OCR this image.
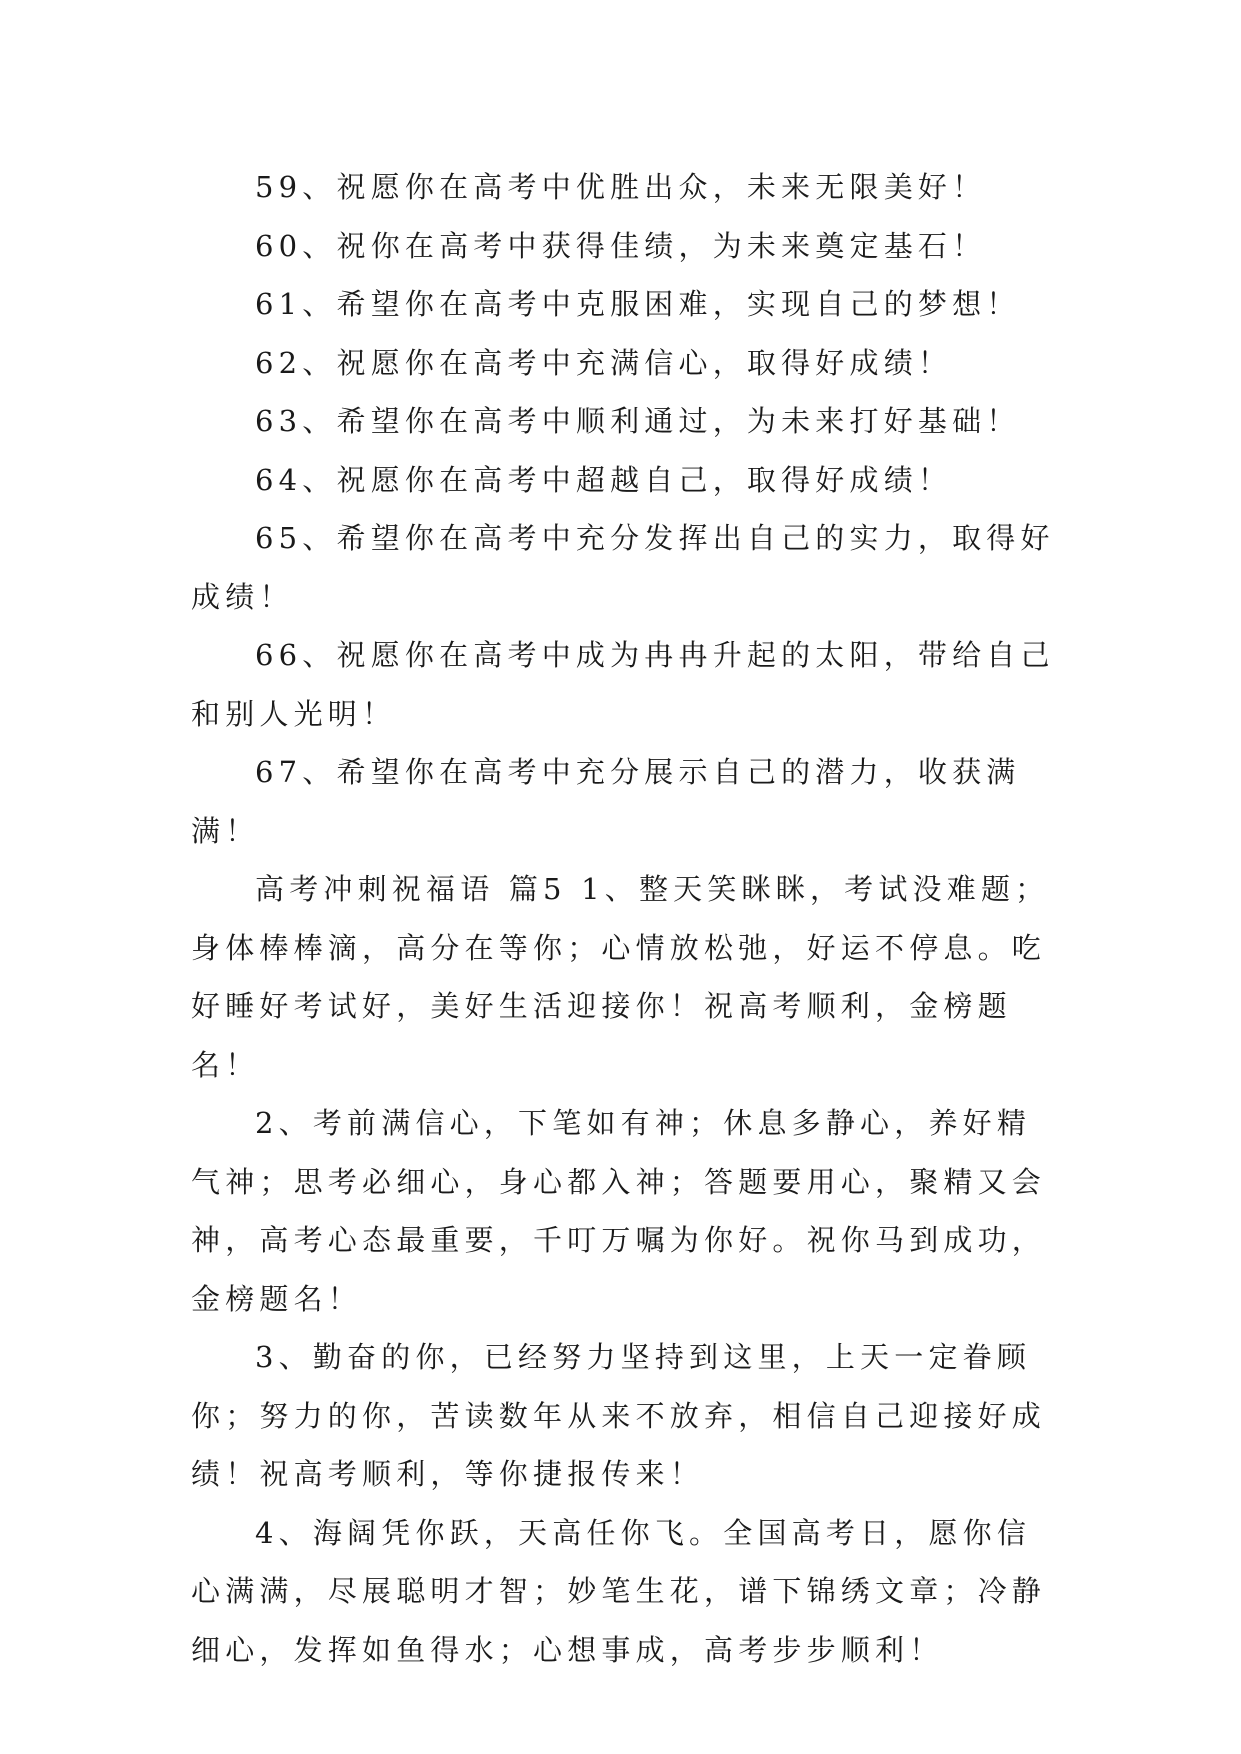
59、祝愿你在高考中优胜出众，未来无限美好！

60、祝你在高考中获得佳绩，为未来奠定基石！

61、希望你在高考中克服困难，实现自己的梦想！

62、祝愿你在高考中充满信心，取得好成绩！

63、希望你在高考中顺利通过，为未来打好基础！

64、祝愿你在高考中超越自己，取得好成绩！

65、希望你在高考中充分发挥出自己的实力，取得好成绩！

66、祝愿你在高考中成为冉冉升起的太阳，带给自己和别人光明！

67、希望你在高考中充分展示自己的潜力，收获满满！

高考冲刺祝福语 篇5 1、整天笑眯眯，考试没难题；身体棒棒滴，高分在等你；心情放松弛，好运不停息。吃好睡好考试好，美好生活迎接你！祝高考顺利，金榜题名！

2、考前满信心，下笔如有神；休息多静心，养好精气神；思考必细心，身心都入神；答题要用心，聚精又会神，高考心态最重要，千叮万嘱为你好。祝你马到成功，金榜题名！

3、勤奋的你，已经努力坚持到这里，上天一定眷顾你；努力的你，苦读数年从来不放弃，相信自己迎接好成绩！祝高考顺利，等你捷报传来！

4、海阔凭你跃，天高任你飞。全国高考日，愿你信心满满，尽展聪明才智；妙笔生花，谱下锦绣文章；冷静细心，发挥如鱼得水；心想事成，高考步步顺利！
